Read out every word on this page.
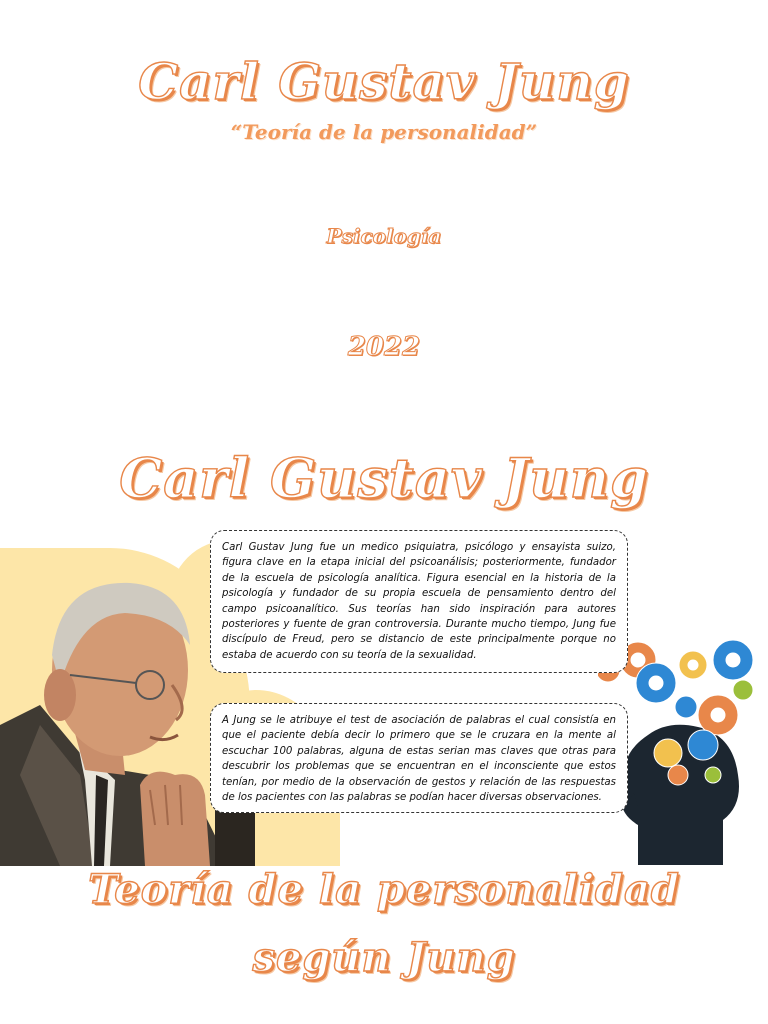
Carl Gustav Jung
“Teoría de la personalidad”
Psicología
2022
Carl Gustav Jung
Carl Gustav Jung fue un medico psiquiatra, psicólogo y ensayista suizo, figura clave en la etapa inicial del psicoanálisis; posteriormente, fundador de la escuela de psicología analítica. Figura esencial en la historia de la psicología y fundador de su propia escuela de pensamiento dentro del campo psicoanalítico. Sus teorías han sido inspiración para autores posteriores y fuente de gran controversia. Durante mucho tiempo, Jung fue discípulo de Freud, pero se distancio de este principalmente porque no estaba de acuerdo con su teoría de la sexualidad.
A Jung se le atribuye el test de asociación de palabras el cual consistía en que el paciente debía decir lo primero que se le cruzara en la mente al escuchar 100 palabras, alguna de estas serian mas claves que otras para descubrir los problemas que se encuentran en el inconsciente que estos tenían, por medio de la observación de gestos y relación de las respuestas de los pacientes con las palabras se podían hacer diversas observaciones.
Teoría de la personalidad
según Jung
